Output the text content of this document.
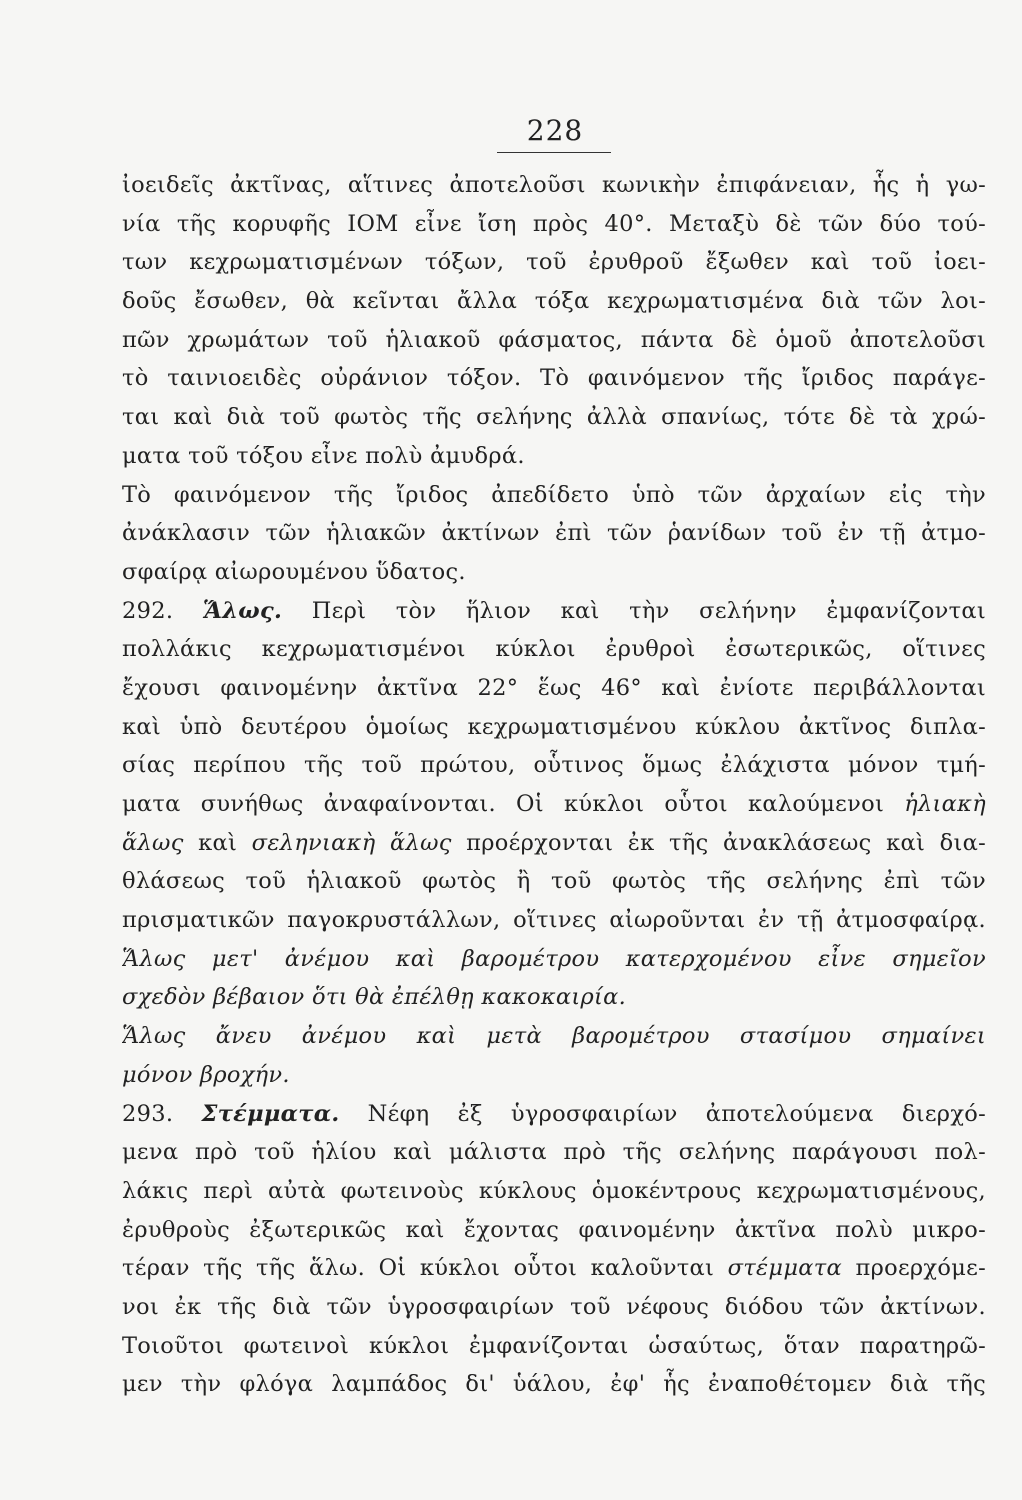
228
ἰοειδεῖς ἀκτῖνας, αἵτινες ἀποτελοῦσι κωνικὴν ἐπιφάνειαν, ἧς ἡ γω-
νία τῆς κορυφῆς ΙΟΜ εἶνε ἴση πρὸς 40°. Μεταξὺ δὲ τῶν δύο τού-
των κεχρωματισμένων τόξων, τοῦ ἐρυθροῦ ἔξωθεν καὶ τοῦ ἰοει-
δοῦς ἔσωθεν, θὰ κεῖνται ἄλλα τόξα κεχρωματισμένα διὰ τῶν λοι-
πῶν χρωμάτων τοῦ ἡλιακοῦ φάσματος, πάντα δὲ ὁμοῦ ἀποτελοῦσι
τὸ ταινιοειδὲς οὐράνιον τόξον. Τὸ φαινόμενον τῆς ἴριδος παράγε-
ται καὶ διὰ τοῦ φωτὸς τῆς σελήνης ἀλλὰ σπανίως, τότε δὲ τὰ χρώ-
ματα τοῦ τόξου εἶνε πολὺ ἀμυδρά.
Τὸ φαινόμενον τῆς ἴριδος ἀπεδίδετο ὑπὸ τῶν ἀρχαίων εἰς τὴν
ἀνάκλασιν τῶν ἡλιακῶν ἀκτίνων ἐπὶ τῶν ῥανίδων τοῦ ἐν τῇ ἀτμο-
σφαίρᾳ αἰωρουμένου ὕδατος.
292. Ἅλως. Περὶ τὸν ἥλιον καὶ τὴν σελήνην ἐμφανίζονται
πολλάκις κεχρωματισμένοι κύκλοι ἐρυθροὶ ἐσωτερικῶς, οἵτινες
ἔχουσι φαινομένην ἀκτῖνα 22° ἕως 46° καὶ ἐνίοτε περιβάλλονται
καὶ ὑπὸ δευτέρου ὁμοίως κεχρωματισμένου κύκλου ἀκτῖνος διπλα-
σίας περίπου τῆς τοῦ πρώτου, οὗτινος ὅμως ἐλάχιστα μόνον τμή-
ματα συνήθως ἀναφαίνονται. Οἱ κύκλοι οὗτοι καλούμενοι ἡλιακὴ
ἅλως καὶ σεληνιακὴ ἅλως προέρχονται ἐκ τῆς ἀνακλάσεως καὶ δια-
θλάσεως τοῦ ἡλιακοῦ φωτὸς ἢ τοῦ φωτὸς τῆς σελήνης ἐπὶ τῶν
πρισματικῶν παγοκρυστάλλων, οἵτινες αἰωροῦνται ἐν τῇ ἀτμοσφαίρᾳ.
Ἅλως μετ' ἀνέμου καὶ βαρομέτρου κατερχομένου εἶνε σημεῖον
σχεδὸν βέβαιον ὅτι θὰ ἐπέλθῃ κακοκαιρία.
Ἅλως ἄνευ ἀνέμου καὶ μετὰ βαρομέτρου στασίμου σημαίνει
μόνον βροχήν.
293. Στέμματα. Νέφη ἐξ ὑγροσφαιρίων ἀποτελούμενα διερχό-
μενα πρὸ τοῦ ἡλίου καὶ μάλιστα πρὸ τῆς σελήνης παράγουσι πολ-
λάκις περὶ αὐτὰ φωτεινοὺς κύκλους ὁμοκέντρους κεχρωματισμένους,
ἐρυθροὺς ἐξωτερικῶς καὶ ἔχοντας φαινομένην ἀκτῖνα πολὺ μικρο-
τέραν τῆς τῆς ἅλω. Οἱ κύκλοι οὗτοι καλοῦνται στέμματα προερχόμε-
νοι ἐκ τῆς διὰ τῶν ὑγροσφαιρίων τοῦ νέφους διόδου τῶν ἀκτίνων.
Τοιοῦτοι φωτεινοὶ κύκλοι ἐμφανίζονται ὡσαύτως, ὅταν παρατηρῶ-
μεν τὴν φλόγα λαμπάδος δι' ὑάλου, ἐφ' ἧς ἐναποθέτομεν διὰ τῆς
